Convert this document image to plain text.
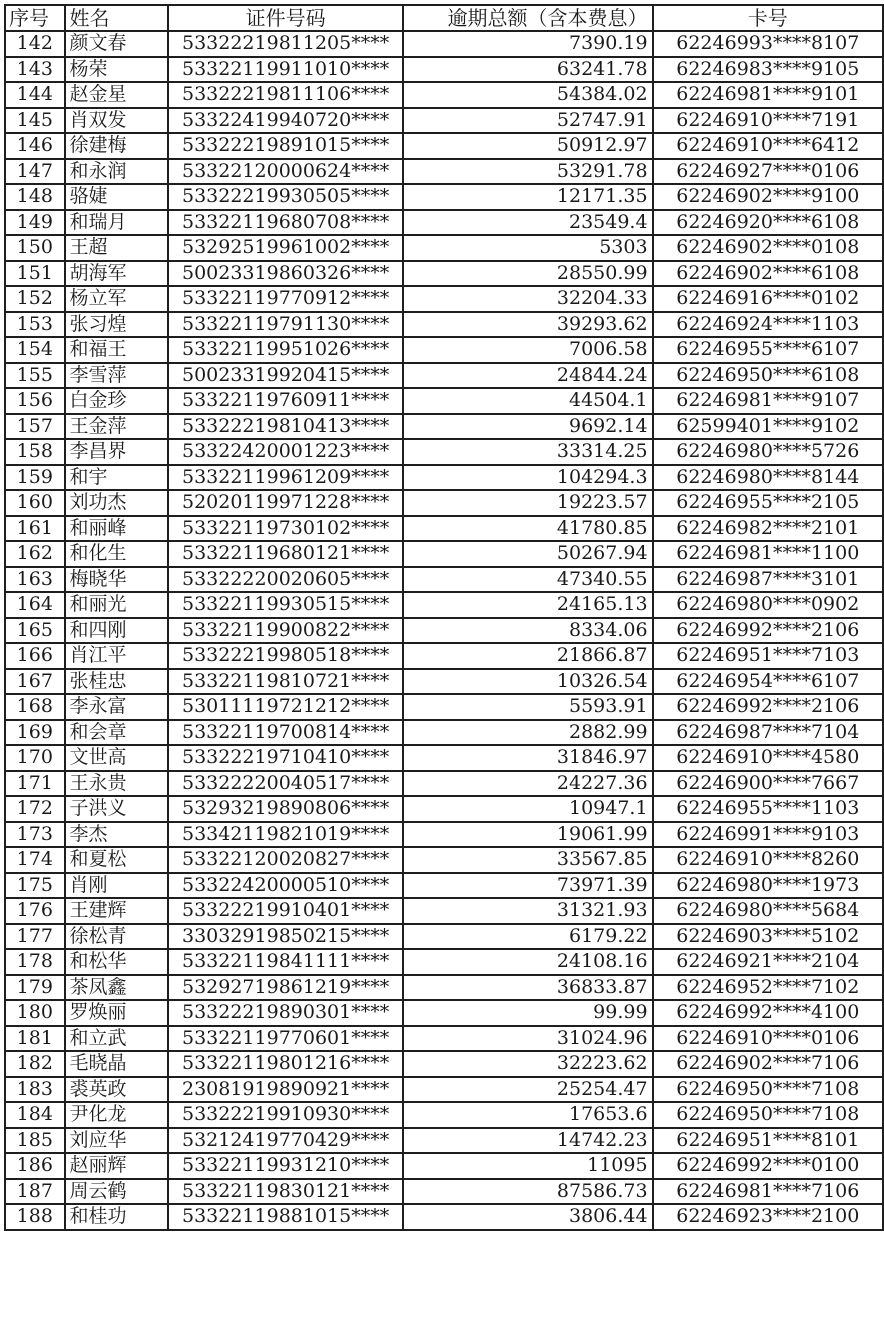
序号	姓名	证件号码	逾期总额（含本费息）	卡号
142	颜文春	53322219811205****	7390.19	62246993****8107
143	杨荣	53322119911010****	63241.78	62246983****9105
144	赵金星	53322219811106****	54384.02	62246981****9101
145	肖双发	53322419940720****	52747.91	62246910****7191
146	徐建梅	53322219891015****	50912.97	62246910****6412
147	和永润	53322120000624****	53291.78	62246927****0106
148	骆婕	53322219930505****	12171.35	62246902****9100
149	和瑞月	53322119680708****	23549.4	62246920****6108
150	王超	53292519961002****	5303	62246902****0108
151	胡海军	50023319860326****	28550.99	62246902****6108
152	杨立军	53322119770912****	32204.33	62246916****0102
153	张习煌	53322119791130****	39293.62	62246924****1103
154	和福王	53322119951026****	7006.58	62246955****6107
155	李雪萍	50023319920415****	24844.24	62246950****6108
156	白金珍	53322119760911****	44504.1	62246981****9107
157	王金萍	53322219810413****	9692.14	62599401****9102
158	李昌界	53322420001223****	33314.25	62246980****5726
159	和宇	53322119961209****	104294.3	62246980****8144
160	刘功杰	52020119971228****	19223.57	62246955****2105
161	和丽峰	53322119730102****	41780.85	62246982****2101
162	和化生	53322119680121****	50267.94	62246981****1100
163	梅晓华	53322220020605****	47340.55	62246987****3101
164	和丽光	53322119930515****	24165.13	62246980****0902
165	和四刚	53322119900822****	8334.06	62246992****2106
166	肖江平	53322219980518****	21866.87	62246951****7103
167	张桂忠	53322119810721****	10326.54	62246954****6107
168	李永富	53011119721212****	5593.91	62246992****2106
169	和会章	53322119700814****	2882.99	62246987****7104
170	文世高	53322219710410****	31846.97	62246910****4580
171	王永贵	53322220040517****	24227.36	62246900****7667
172	子洪义	53293219890806****	10947.1	62246955****1103
173	李杰	53342119821019****	19061.99	62246991****9103
174	和夏松	53322120020827****	33567.85	62246910****8260
175	肖刚	53322420000510****	73971.39	62246980****1973
176	王建辉	53322219910401****	31321.93	62246980****5684
177	徐松青	33032919850215****	6179.22	62246903****5102
178	和松华	53322119841111****	24108.16	62246921****2104
179	茶凤鑫	53292719861219****	36833.87	62246952****7102
180	罗焕丽	53322219890301****	99.99	62246992****4100
181	和立武	53322119770601****	31024.96	62246910****0106
182	毛晓晶	53322119801216****	32223.62	62246902****7106
183	裘英政	23081919890921****	25254.47	62246950****7108
184	尹化龙	53322219910930****	17653.6	62246950****7108
185	刘应华	53212419770429****	14742.23	62246951****8101
186	赵丽辉	53322119931210****	11095	62246992****0100
187	周云鹤	53322119830121****	87586.73	62246981****7106
188	和桂功	53322119881015****	3806.44	62246923****2100
